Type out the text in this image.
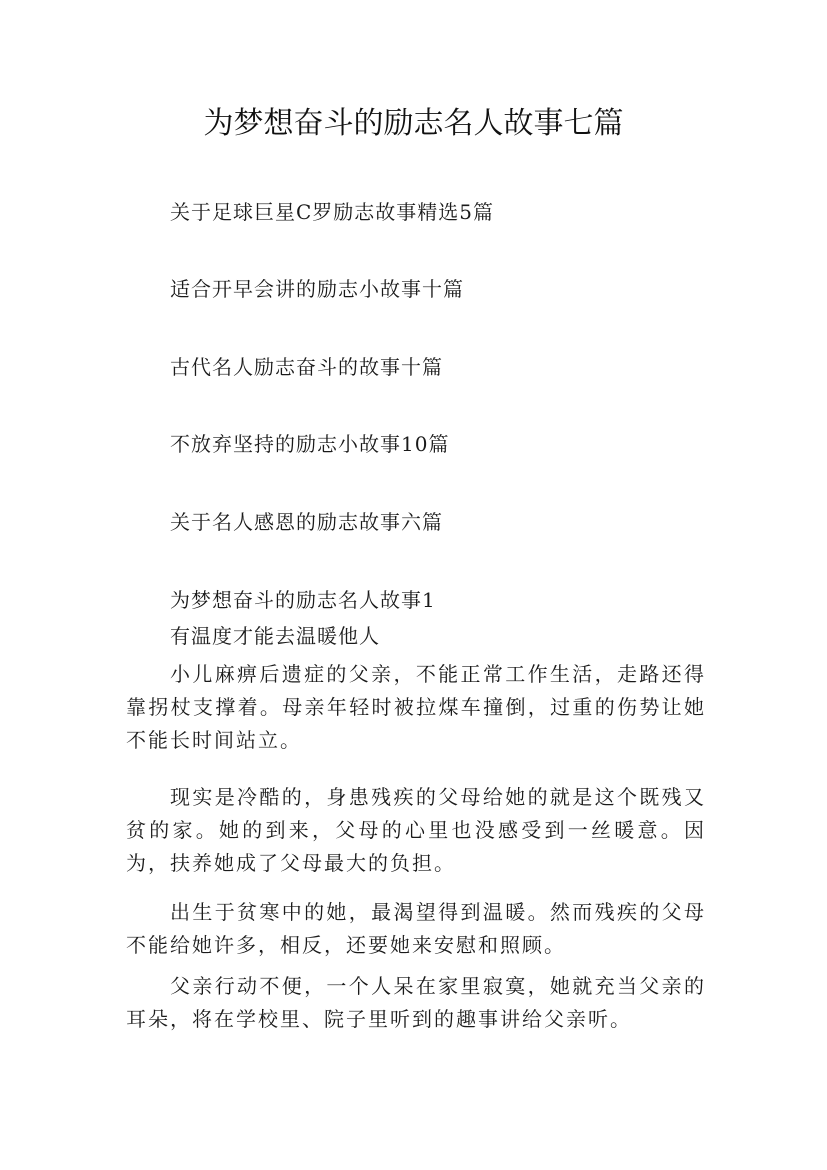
为梦想奋斗的励志名人故事七篇
关于足球巨星C罗励志故事精选5篇
适合开早会讲的励志小故事十篇
古代名人励志奋斗的故事十篇
不放弃坚持的励志小故事10篇
关于名人感恩的励志故事六篇
为梦想奋斗的励志名人故事1
有温度才能去温暖他人

小儿麻痹后遗症的父亲，不能正常工作生活，走路还得靠拐杖支撑着。母亲年轻时被拉煤车撞倒，过重的伤势让她不能长时间站立。

现实是冷酷的，身患残疾的父母给她的就是这个既残又贫的家。她的到来，父母的心里也没感受到一丝暖意。因为，扶养她成了父母最大的负担。

出生于贫寒中的她，最渴望得到温暖。然而残疾的父母不能给她许多，相反，还要她来安慰和照顾。

父亲行动不便，一个人呆在家里寂寞，她就充当父亲的耳朵，将在学校里、院子里听到的趣事讲给父亲听。
